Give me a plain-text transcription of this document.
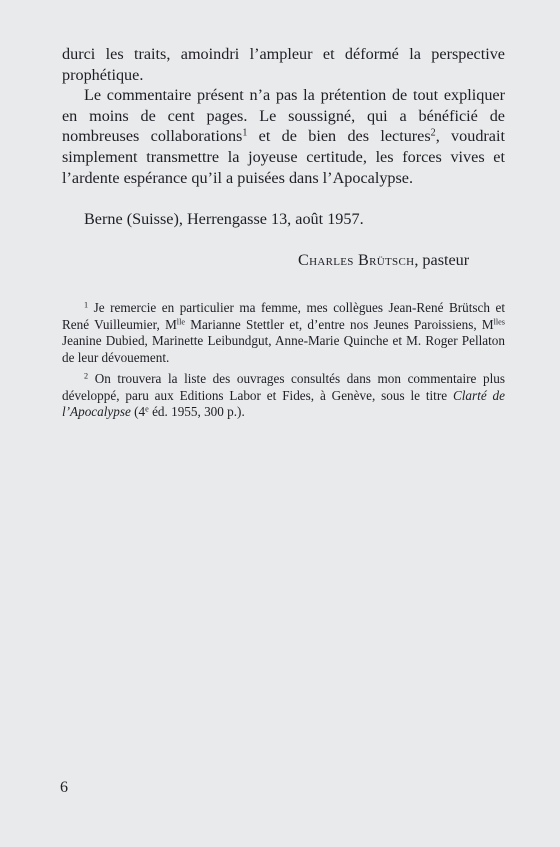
durci les traits, amoindri l’ampleur et déformé la perspective prophétique.

Le commentaire présent n’a pas la prétention de tout expliquer en moins de cent pages. Le soussigné, qui a bénéficié de nombreuses collaborations$^1$ et de bien des lectures$^2$, voudrait simplement transmettre la joyeuse certitude, les forces vives et l’ardente espérance qu’il a puisées dans l’Apocalypse.

Berne (Suisse), Herrengasse 13, août 1957.
Charles Brütsch, pasteur

$^1$ Je remercie en particulier ma femme, mes collègues Jean-René Brütsch et René Vuilleumier, $M^{lle}$ Marianne Stettler et, d’entre nos Jeunes Paroissiens, $M^{lles}$ Jeanine Dubied, Marinette Leibundgut, Anne-Marie Quinche et M. Roger Pellaton de leur dévouement.

$^2$ On trouvera la liste des ouvrages consultés dans mon commentaire plus développé, paru aux Editions Labor et Fides, à Genève, sous le titre Clarté de l’Apocalypse (4e éd. 1955, 300 p.).

6
